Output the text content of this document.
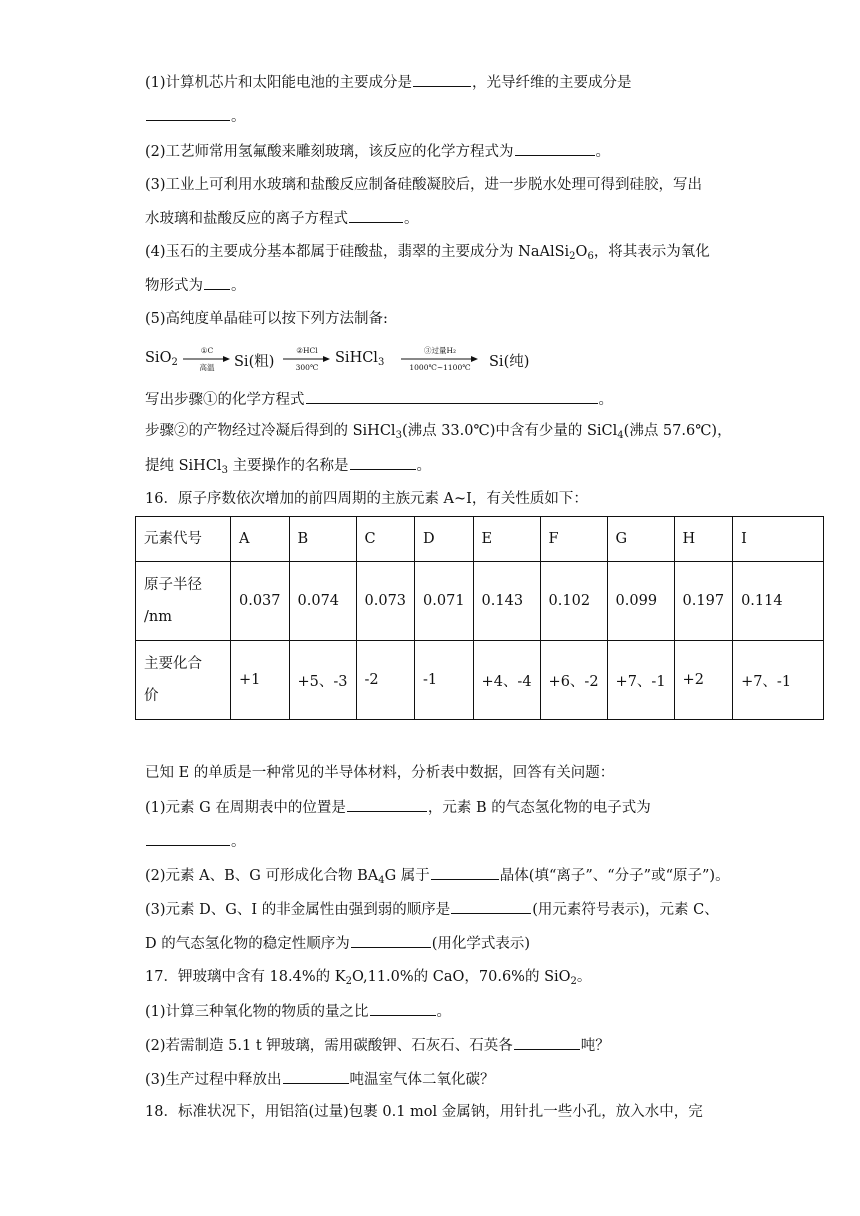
(1)计算机芯片和太阳能电池的主要成分是	，光导纤维的主要成分是
。
(2)工艺师常用氢氟酸来雕刻玻璃，该反应的化学方程式为	。
(3)工业上可利用水玻璃和盐酸反应制备硅酸凝胶后，进一步脱水处理可得到硅胶，写出
水玻璃和盐酸反应的离子方程式	。
(4)玉石的主要成分基本都属于硅酸盐，翡翠的主要成分为 $NaAlSi_2O_6$，将其表示为氧化
物形式为 。
(5)高纯度单晶硅可以按下列方法制备:
SiO$_2$
①C
高温	Si(粗)
②HCl
300℃
SiHCl$_3$
③过量H₂
1000℃~1100℃	Si(纯)
写出步骤①的化学方程式	。
步骤②的产物经过冷凝后得到的 SiHCl$_3$(沸点 33.0℃)中含有少量的 SiCl$_4$(沸点 57.6℃)，
提纯 SiHCl$_3$ 主要操作的名称是	。
16．原子序数依次增加的前四周期的主族元素 A~I，有关性质如下：
元素代号	A	B	C	D	E	F	G	H	I
原子半径
/nm	0.037	0.074	0.073	0.071	0.143	0.102	0.099	0.197	0.114
主要化合
价	+1	+5、-3	-2	-1	+4、-4	+6、-2	+7、-1	+2	+7、-1
已知 E 的单质是一种常见的半导体材料，分析表中数据，回答有关问题：
(1)元素 G 在周期表中的位置是	，元素 B 的气态氢化物的电子式为
。
(2)元素 A、B、G 可形成化合物 $BA_4G$ 属于	晶体(填“离子”、“分子”或“原子”)。
(3)元素 D、G、I 的非金属性由强到弱的顺序是	(用元素符号表示)，元素 C、
D 的气态氢化物的稳定性顺序为	(用化学式表示)
17．钾玻璃中含有 18.4%的 $K_2O,11.0\%$的 CaO，70.6%的 SiO$_2$。
(1)计算三种氧化物的物质的量之比	。
(2)若需制造 5.1 t 钾玻璃，需用碳酸钾、石灰石、石英各	吨？
(3)生产过程中释放出	吨温室气体二氧化碳？
18．标准状况下，用铝箔(过量)包裹 0.1 mol 金属钠，用针扎一些小孔，放入水中，完
